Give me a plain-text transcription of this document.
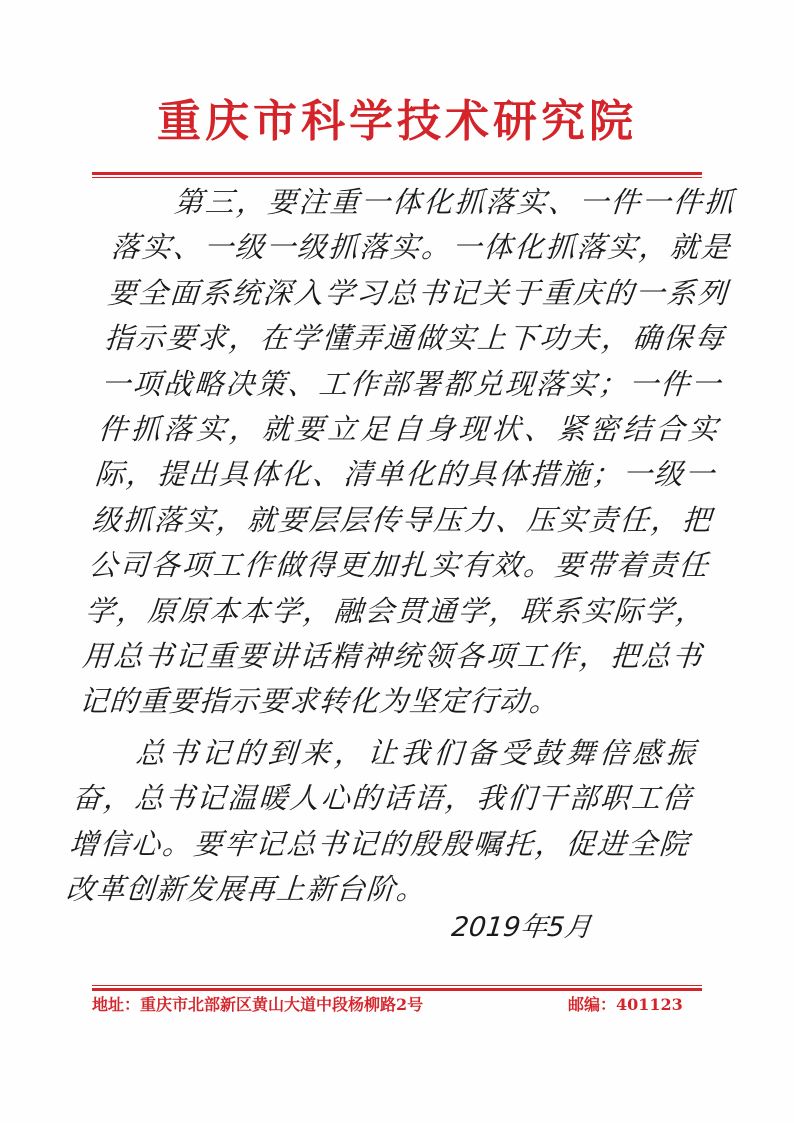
重庆市科学技术研究院

第三，要注重一体化抓落实、一件一件抓落实、一级一级抓落实。一体化抓落实，就是要全面系统深入学习总书记关于重庆的一系列指示要求，在学懂弄通做实上下功夫，确保每一项战略决策、工作部署都兑现落实；一件一件抓落实，就要立足自身现状、紧密结合实际，提出具体化、清单化的具体措施；一级一级抓落实，就要层层传导压力、压实责任，把公司各项工作做得更加扎实有效。要带着责任学，原原本本学，融会贯通学，联系实际学，用总书记重要讲话精神统领各项工作，把总书记的重要指示要求转化为坚定行动。

总书记的到来，让我们备受鼓舞倍感振奋，总书记温暖人心的话语，我们干部职工倍增信心。要牢记总书记的殷殷嘱托，促进全院改革创新发展再上新台阶。

2019年5月
地址：重庆市北部新区黄山大道中段杨柳路2号	邮编：401123
